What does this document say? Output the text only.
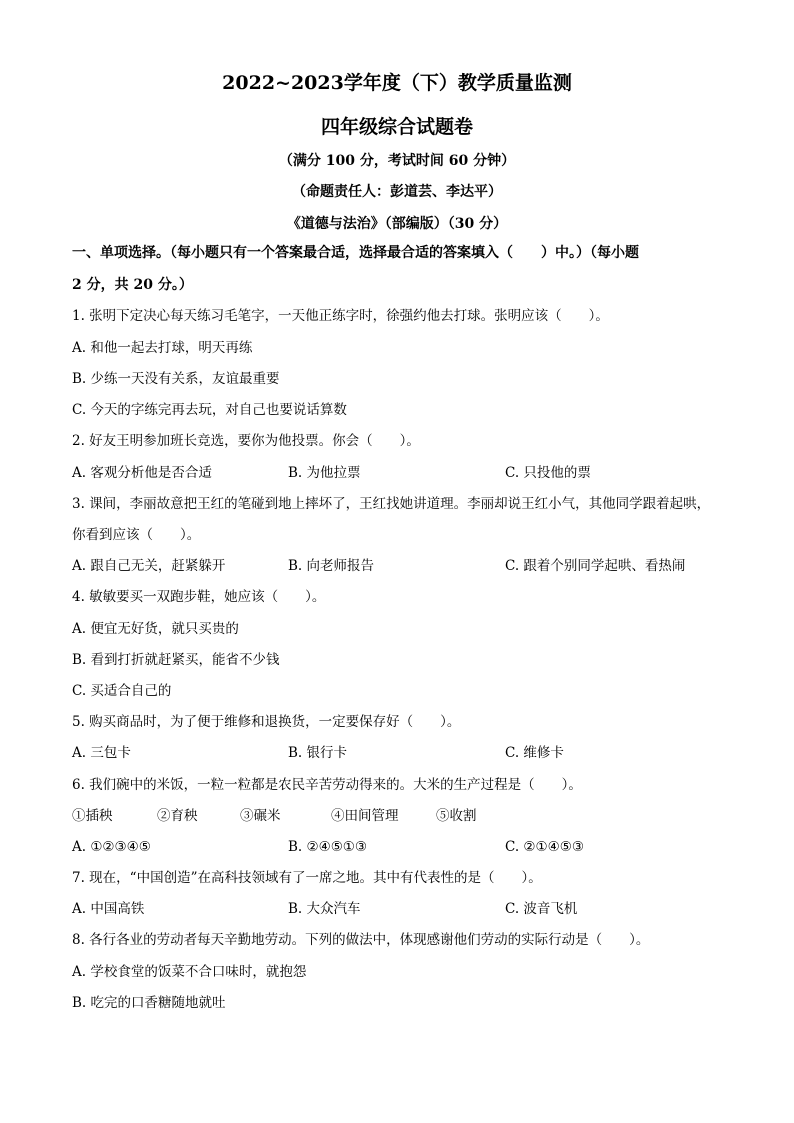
2022~2023学年度（下）教学质量监测
四年级综合试题卷
（满分 100 分，考试时间 60 分钟）
（命题责任人：彭道芸、李达平）
《道德与法治》（部编版）（30 分）
一、单项选择。（每小题只有一个答案最合适，选择最合适的答案填入（　　）中。）（每小题
2 分，共 20 分。）
1. 张明下定决心每天练习毛笔字，一天他正练字时，徐强约他去打球。张明应该（　　）。
A. 和他一起去打球，明天再练
B. 少练一天没有关系，友谊最重要
C. 今天的字练完再去玩，对自己也要说话算数
2. 好友王明参加班长竞选，要你为他投票。你会（　　）。
A. 客观分析他是否合适	B. 为他拉票	C. 只投他的票
3. 课间，李丽故意把王红的笔碰到地上摔坏了，王红找她讲道理。李丽却说王红小气，其他同学跟着起哄，
你看到应该（　　）。
A. 跟自己无关，赶紧躲开	B. 向老师报告	C. 跟着个别同学起哄、看热闹
4. 敏敏要买一双跑步鞋，她应该（　　）。
A. 便宜无好货，就只买贵的
B. 看到打折就赶紧买，能省不少钱
C. 买适合自己的
5. 购买商品时，为了便于维修和退换货，一定要保存好（　　）。
A. 三包卡	B. 银行卡	C. 维修卡
6. 我们碗中的米饭，一粒一粒都是农民辛苦劳动得来的。大米的生产过程是（　　）。
①插秧	②育秧	③碾米	④田间管理	⑤收割
A. ①②③④⑤	B. ②④⑤①③	C. ②①④⑤③
7. 现在，“中国创造”在高科技领域有了一席之地。其中有代表性的是（　　）。
A. 中国高铁	B. 大众汽车	C. 波音飞机
8. 各行各业的劳动者每天辛勤地劳动。下列的做法中，体现感谢他们劳动的实际行动是（　　）。
A. 学校食堂的饭菜不合口味时，就抱怨
B. 吃完的口香糖随地就吐
